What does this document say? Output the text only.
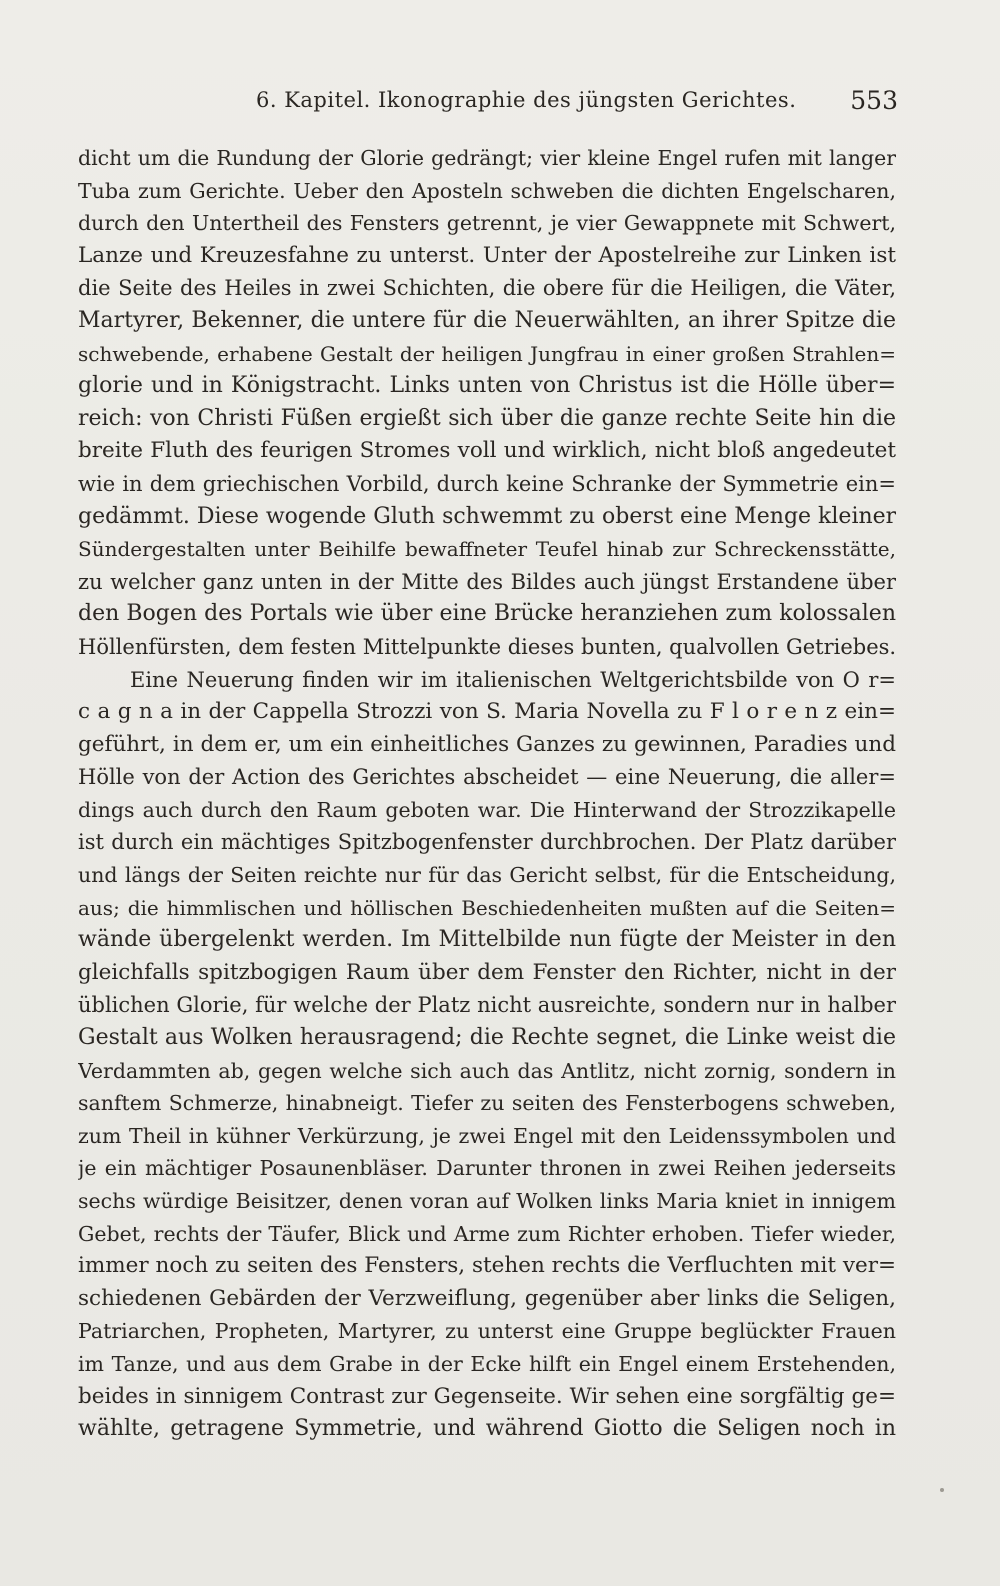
6. Kapitel. Ikonographie des jüngsten Gerichtes. 553
dicht um die Rundung der Glorie gedrängt; vier kleine Engel rufen mit langer
Tuba zum Gerichte. Ueber den Aposteln schweben die dichten Engelscharen,
durch den Untertheil des Fensters getrennt, je vier Gewappnete mit Schwert,
Lanze und Kreuzesfahne zu unterst. Unter der Apostelreihe zur Linken ist
die Seite des Heiles in zwei Schichten, die obere für die Heiligen, die Väter,
Martyrer, Bekenner, die untere für die Neuerwählten, an ihrer Spitze die
schwebende, erhabene Gestalt der heiligen Jungfrau in einer großen Strahlen=
glorie und in Königstracht. Links unten von Christus ist die Hölle über=
reich: von Christi Füßen ergießt sich über die ganze rechte Seite hin die
breite Fluth des feurigen Stromes voll und wirklich, nicht bloß angedeutet
wie in dem griechischen Vorbild, durch keine Schranke der Symmetrie ein=
gedämmt. Diese wogende Gluth schwemmt zu oberst eine Menge kleiner
Sündergestalten unter Beihilfe bewaffneter Teufel hinab zur Schreckensstätte,
zu welcher ganz unten in der Mitte des Bildes auch jüngst Erstandene über
den Bogen des Portals wie über eine Brücke heranziehen zum kolossalen
Höllenfürsten, dem festen Mittelpunkte dieses bunten, qualvollen Getriebes.
Eine Neuerung finden wir im italienischen Weltgerichtsbilde von O r=
c a g n a in der Cappella Strozzi von S. Maria Novella zu F l o r e n z ein=
geführt, in dem er, um ein einheitliches Ganzes zu gewinnen, Paradies und
Hölle von der Action des Gerichtes abscheidet — eine Neuerung, die aller=
dings auch durch den Raum geboten war. Die Hinterwand der Strozzikapelle
ist durch ein mächtiges Spitzbogenfenster durchbrochen. Der Platz darüber
und längs der Seiten reichte nur für das Gericht selbst, für die Entscheidung,
aus; die himmlischen und höllischen Beschiedenheiten mußten auf die Seiten=
wände übergelenkt werden. Im Mittelbilde nun fügte der Meister in den
gleichfalls spitzbogigen Raum über dem Fenster den Richter, nicht in der
üblichen Glorie, für welche der Platz nicht ausreichte, sondern nur in halber
Gestalt aus Wolken herausragend; die Rechte segnet, die Linke weist die
Verdammten ab, gegen welche sich auch das Antlitz, nicht zornig, sondern in
sanftem Schmerze, hinabneigt. Tiefer zu seiten des Fensterbogens schweben,
zum Theil in kühner Verkürzung, je zwei Engel mit den Leidenssymbolen und
je ein mächtiger Posaunenbläser. Darunter thronen in zwei Reihen jederseits
sechs würdige Beisitzer, denen voran auf Wolken links Maria kniet in innigem
Gebet, rechts der Täufer, Blick und Arme zum Richter erhoben. Tiefer wieder,
immer noch zu seiten des Fensters, stehen rechts die Verfluchten mit ver=
schiedenen Gebärden der Verzweiflung, gegenüber aber links die Seligen,
Patriarchen, Propheten, Martyrer, zu unterst eine Gruppe beglückter Frauen
im Tanze, und aus dem Grabe in der Ecke hilft ein Engel einem Erstehenden,
beides in sinnigem Contrast zur Gegenseite. Wir sehen eine sorgfältig ge=
wählte, getragene Symmetrie, und während Giotto die Seligen noch in
